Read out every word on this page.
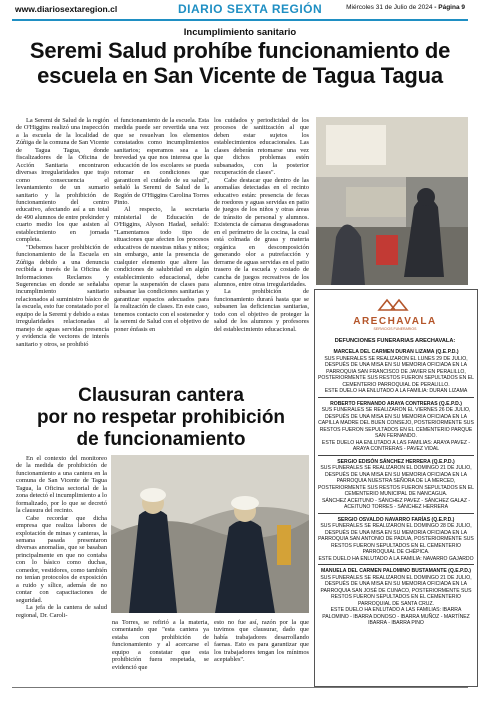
www.diariosextaregion.cl	DIARIO SEXTA REGIÓN	Miércoles 31 de Julio de 2024 - Página 9
Incumplimiento sanitario
Seremi Salud prohíbe funcionamiento de
escuela en San Vicente de Tagua Tagua

La Seremi de Salud de la región de O'Higgins realizó una inspección a la escuela de la localidad de Zúñiga de la comuna de San Vicente de Tagua Tagua, donde fiscalizadores de la Oficina de Acción Sanitaria encontraron diversas irregularidades que trajo como consecuencia el levantamiento de un sumario sanitario y la prohibición de funcionamiento del centro educativo, afectando así a un total de 490 alumnos de entre prekinder y cuarto medio los que asisten al establecimiento en jornada completa.

"Debemos hacer prohibición de funcionamiento de la Escuela en Zúñiga debido a una denuncia recibida a través de la Oficina de Informaciones Reclamos y Sugerencias en donde se señalaba incumplimiento sanitario relacionados al suministro básico de la escuela, esto fue constatado por el equipo de la Seremi y debido a estas irregularidades relacionadas al manejo de aguas servidas presencia y evidencia de vectores de interés sanitario y otros, se prohibió

el funcionamiento de la escuela. Esta medida puede ser revertida una vez que se resuelvan los elementos constatados como incumplimientos sanitarios; esperamos sea a la brevedad ya que nos interesa que la educación de los escolares se pueda retomar en condiciones que garanticen el cuidado de su salud", señaló la Seremi de Salud de la Región de O'Higgins Carolina Torres Pinto.

Al respecto, la secretaria ministerial de Educación de O'Higgins, Alyson Hadad, señaló: "Lamentamos todo tipo de situaciones que afecten los procesos educativos de nuestras niñas y niños; sin embargo, ante la presencia de cualquier elemento que altere las condiciones de salubridad en algún establecimiento educacional, debe operar la suspensión de clases para subsanar las condiciones sanitarias y garantizar espacios adecuados para la realización de clases. En este caso, tenemos contacto con el sostenedor y la seremi de Salud con el objetivo de poner énfasis en

los cuidados y periodicidad de los procesos de sanitización al que deben estar sujetos los establecimientos educacionales. Las clases deberán retomarse una vez que dichos problemas estén subsanados, con la posterior recuperación de clases".

Cabe destacar que dentro de las anomalías detectadas en el recinto educativo están: presencia de fecas de roedores y aguas servidas en patio de juegos de los niños y otras áreas de tránsito de personal y alumnos. Existencia de cámaras desgrasadoras en el perímetro de la cocina, la cual está colmada de grasa y materia orgánica en descomposición generando olor a putrefacción y derrame de aguas servidas en el patio trasero de la escuela y costado de cancha de juegos recreativos de los alumnos, entre otras irregularidades.

La prohibición de funcionamiento durará hasta que se subsanen las deficiencias sanitarias, todo con el objetivo de proteger la salud de los alumnos y profesores del establecimiento educacional.

ARECHAVALA
SERVICIOS FUNERARIOS
DEFUNCIONES FUNERARIAS ARECHAVALA:
MARCELA DEL CARMEN DURAN LIZAMA (Q.E.P.D.)
SUS FUNERALES SE REALIZARON EL LUNES 29 DE JULIO, DESPUÉS DE UNA MISA EN SU MEMORIA OFICIADA EN LA PARROQUIA SAN FRANCISCO DE JAVIER EN PERALILLO, POSTERIORMENTE SUS RESTOS FUERON SEPULTADOS EN EL CEMENTERIO PARROQUIAL DE PERALILLO.
ESTE DUELO HA ENLUTADO A LA FAMILIA: DURAN LIZAMA
ROBERTO FERNANDO ARAYA CONTRERAS (Q.E.P.D.)
SUS FUNERALES SE REALIZARON EL VIERNES 26 DE JULIO, DESPUÉS DE UNA MISA EN SU MEMORIA OFICIADA EN LA CAPILLA MADRE DEL BUEN CONSEJO, POSTERIORMENTE SUS RESTOS FUERON SEPULTADOS EN EL CEMENTERIO PARQUE SAN FERNANDO.
ESTE DUELO HA ENLUTADO A LAS FAMILIAS: ARAYA PAVEZ - ARAYA CONTRERAS - PAVEZ VIDAL
SERGIO EDISÓN SÁNCHEZ HERRERA (Q.E.P.D.)
SUS FUNERALES SE REALIZARON EL DOMINGO 21 DE JULIO, DESPUÉS DE UNA MISA EN SU MEMORIA OFICIADA EN LA PARROQUIA NUESTRA SEÑORA DE LA MERCED, POSTERIORMENTE SUS RESTOS FUERON SEPULTADOS EN EL CEMENTERIO MUNICIPAL DE NANCAGUA.
SÁNCHEZ ACEITUNO - SÁNCHEZ PAVEZ - SÁNCHEZ GALAZ - ACEITUNO TORRES - SÁNCHEZ HERRERA
SERGIO OSVALDO NAVARRO FARÍAS (Q.E.P.D.)
SUS FUNERALES SE REALIZARON EL DOMINGO 28 DE JULIO, DESPUÉS DE UNA MISA EN SU MEMORIA OFICIADA EN LA PARROQUIA SAN ANTONIO DE PADUA, POSTERIORMENTE SUS RESTOS FUERON SEPULTADOS EN EL CEMENTERIO PARROQUIAL DE CHÉPICA.
ESTE DUELO HA ENLUTADO A LA FAMILIA: NAVARRO GAJARDO
MANUELA DEL CARMEN PALOMINO BUSTAMANTE (Q.E.P.D.)
SUS FUNERALES SE REALIZARON EL DOMINGO 21 DE JULIO, DESPUÉS DE UNA MISA EN SU MEMORIA OFICIADA EN LA PARROQUIA SAN JOSÉ DE CUNACO, POSTERIORMENTE SUS RESTOS FUERON SEPULTADOS EN EL CEMENTERIO PARROQUIAL DE SANTA CRUZ.
ESTE DUELO HA ENLUTADO A LAS FAMILIAS: IBARRA PALOMINO - IBARRA DONOSO - IBARRA MUÑOZ - MARTÍNEZ IBARRA - IBARRA PINO
Clausuran cantera
por no respetar prohibición
de funcionamiento

En el contexto del monitoreo de la medida de prohibición de funcionamiento a una cantera en la comuna de San Vicente de Tagua Tagua, la Oficina sectorial de la zona detectó el incumplimiento a lo formalizado, por lo que se decretó la clausura del recinto.

Cabe recordar que dicha empresa que realiza labores de explotación de minas y canteras, la semana pasada presentaron diversas anomalías, que se basaban principalmente en que no contaba con lo básico como duchas, comedor, vestidores, como también no tenían protocolos de exposición a ruido y sílice, además de no contar con capacitaciones de seguridad.

La jefa de la cantera de salud regional, Dr. Caroli-

na Torres, se refirió a la materia, comentando que "esta cantera ya estaba con prohibición de funcionamiento y al acercarse el equipo a constatar que esta prohibición fuera respetada, se evidenció que

esto no fue así, razón por la que tuvimos que clausurar, dado que había trabajadores desarrollando faenas. Esto es para garantizar que los trabajadores tengan los mínimos aceptables".
